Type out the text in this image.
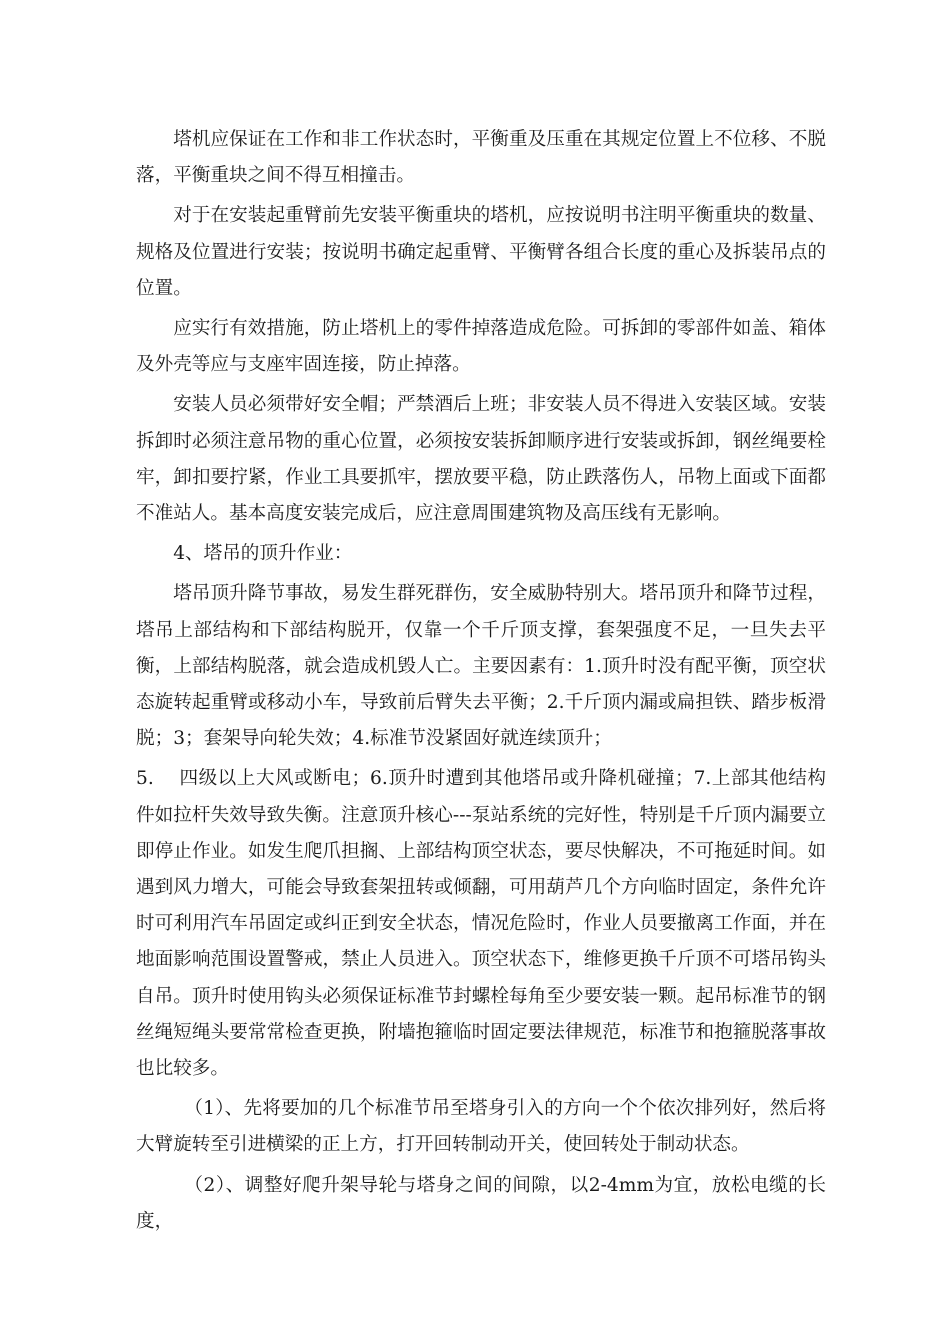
塔机应保证在工作和非工作状态时，平衡重及压重在其规定位置上不位移、不脱落，平衡重块之间不得互相撞击。

对于在安装起重臂前先安装平衡重块的塔机，应按说明书注明平衡重块的数量、规格及位置进行安装；按说明书确定起重臂、平衡臂各组合长度的重心及拆装吊点的位置。

应实行有效措施，防止塔机上的零件掉落造成危险。可拆卸的零部件如盖、箱体及外壳等应与支座牢固连接，防止掉落。

安装人员必须带好安全帽；严禁酒后上班；非安装人员不得进入安装区域。安装拆卸时必须注意吊物的重心位置，必须按安装拆卸顺序进行安装或拆卸，钢丝绳要栓牢，卸扣要拧紧，作业工具要抓牢，摆放要平稳，防止跌落伤人，吊物上面或下面都不准站人。基本高度安装完成后，应注意周围建筑物及高压线有无影响。

4、塔吊的顶升作业：

塔吊顶升降节事故，易发生群死群伤，安全威胁特别大。塔吊顶升和降节过程，塔吊上部结构和下部结构脱开，仅靠一个千斤顶支撑，套架强度不足，一旦失去平衡，上部结构脱落，就会造成机毁人亡。主要因素有：1.顶升时没有配平衡，顶空状态旋转起重臂或移动小车，导致前后臂失去平衡；2.千斤顶内漏或扁担铁、踏步板滑脱；3；套架导向轮失效；4.标准节没紧固好就连续顶升；

5.    四级以上大风或断电；6.顶升时遭到其他塔吊或升降机碰撞；7.上部其他结构件如拉杆失效导致失衡。注意顶升核心---泵站系统的完好性，特别是千斤顶内漏要立即停止作业。如发生爬爪担搁、上部结构顶空状态，要尽快解决，不可拖延时间。如遇到风力增大，可能会导致套架扭转或倾翻，可用葫芦几个方向临时固定，条件允许时可利用汽车吊固定或纠正到安全状态，情况危险时，作业人员要撤离工作面，并在地面影响范围设置警戒，禁止人员进入。顶空状态下，维修更换千斤顶不可塔吊钩头自吊。顶升时使用钩头必须保证标准节封螺栓每角至少要安装一颗。起吊标准节的钢丝绳短绳头要常常检查更换，附墙抱箍临时固定要法律规范，标准节和抱箍脱落事故也比较多。

（1）、先将要加的几个标准节吊至塔身引入的方向一个个依次排列好，然后将大臂旋转至引进横梁的正上方，打开回转制动开关，使回转处于制动状态。

（2）、调整好爬升架导轮与塔身之间的间隙，以2-4mm为宜，放松电缆的长度，
